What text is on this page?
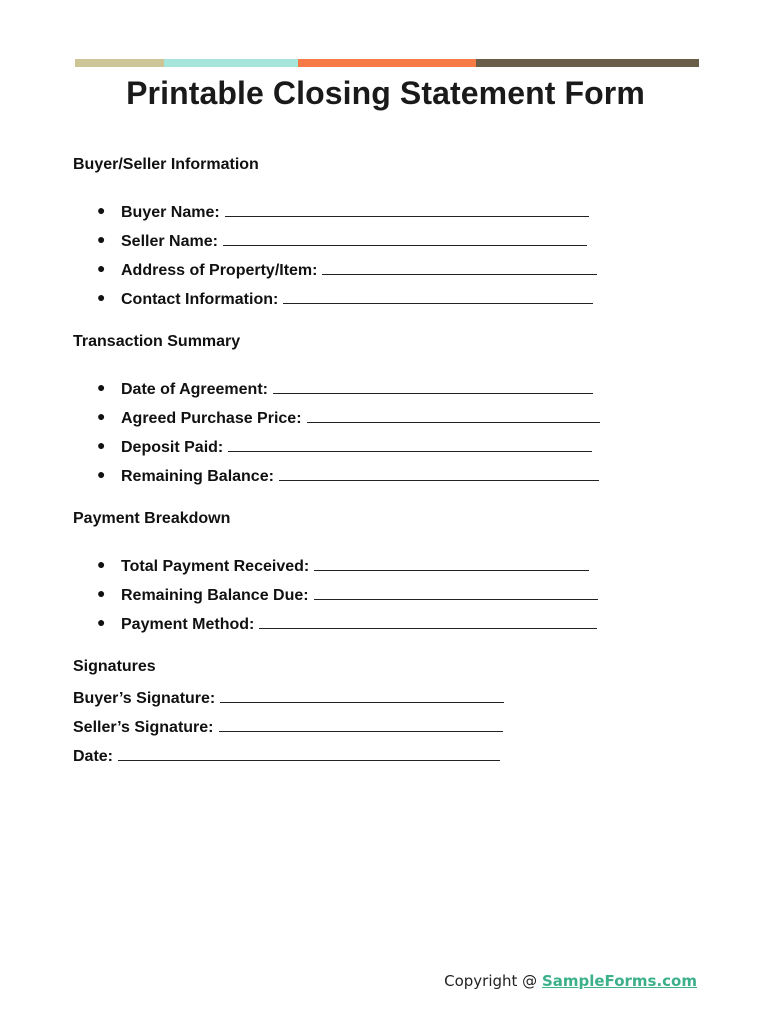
Printable Closing Statement Form
Buyer/Seller Information
● Buyer Name:
● Seller Name:
● Address of Property/Item:
● Contact Information:
Transaction Summary
● Date of Agreement:
● Agreed Purchase Price:
● Deposit Paid:
● Remaining Balance:
Payment Breakdown
● Total Payment Received:
● Remaining Balance Due:
● Payment Method:
Signatures
Buyer’s Signature:
Seller’s Signature:
Date:
Copyright @ SampleForms.com
